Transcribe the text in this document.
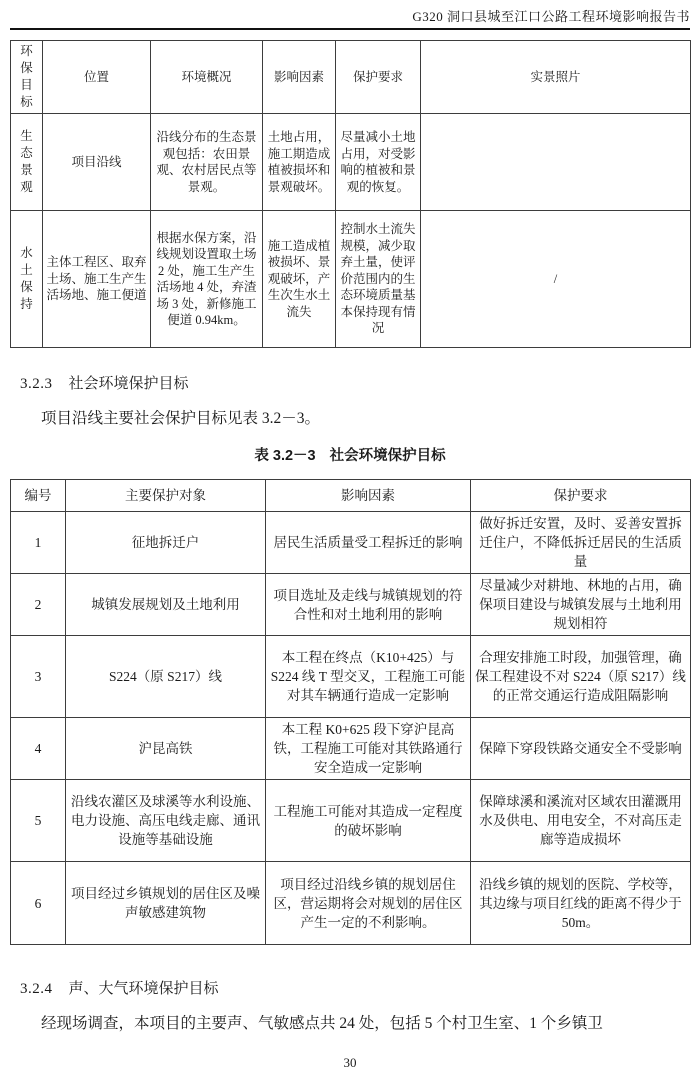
G320 洞口县城至江口公路工程环境影响报告书
环保目标	位置	环境概况	影响因素	保护要求	实景照片
生态景观	项目沿线	沿线分布的生态景观包括：农田景观、农村居民点等景观。	土地占用，施工期造成植被损坏和景观破坏。	尽量减小土地占用，对受影响的植被和景观的恢复。	
水土保持	主体工程区、取弃土场、施工生产生活场地、施工便道	根据水保方案，沿线规划设置取土场 2 处，施工生产生活场地 4 处，弃渣场 3 处，新修施工便道 0.94km。	施工造成植被损坏、景观破坏，产生次生水土流失	控制水土流失规模，减少取弃土量，使评价范围内的生态环境质量基本保持现有情况	/
3.2.3 社会环境保护目标

项目沿线主要社会保护目标见表 3.2－3。

表 3.2－3 社会环境保护目标
编号	主要保护对象	影响因素	保护要求
1	征地拆迁户	居民生活质量受工程拆迁的影响	做好拆迁安置，及时、妥善安置拆迁住户，不降低拆迁居民的生活质量
2	城镇发展规划及土地利用	项目选址及走线与城镇规划的符合性和对土地利用的影响	尽量减少对耕地、林地的占用，确保项目建设与城镇发展与土地利用规划相符
3	S224（原 S217）线	本工程在终点（K10+425）与 S224 线 T 型交叉，工程施工可能对其车辆通行造成一定影响	合理安排施工时段，加强管理，确保工程建设不对 S224（原 S217）线的正常交通运行造成阻隔影响
4	沪昆高铁	本工程 K0+625 段下穿沪昆高铁，工程施工可能对其铁路通行安全造成一定影响	保障下穿段铁路交通安全不受影响
5	沿线农灌区及球溪等水利设施、电力设施、高压电线走廊、通讯设施等基础设施	工程施工可能对其造成一定程度的破坏影响	保障球溪和溪流对区域农田灌溉用水及供电、用电安全，不对高压走廊等造成损坏
6	项目经过乡镇规划的居住区及噪声敏感建筑物	项目经过沿线乡镇的规划居住区，营运期将会对规划的居住区产生一定的不利影响。	沿线乡镇的规划的医院、学校等，其边缘与项目红线的距离不得少于 50m。
3.2.4 声、大气环境保护目标

经现场调查，本项目的主要声、气敏感点共 24 处，包括 5 个村卫生室、1 个乡镇卫

30
